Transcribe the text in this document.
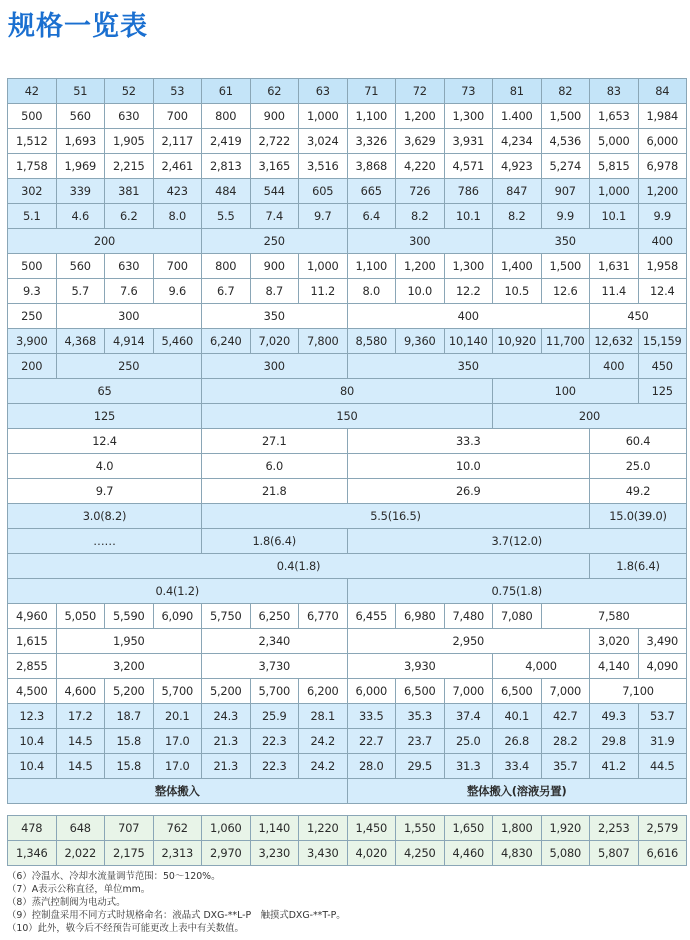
规格一览表
42	51	52	53	61	62	63	71	72	73	81	82	83	84
500	560	630	700	800	900	1,000	1,100	1,200	1,300	1.400	1,500	1,653	1,984
1,512	1,693	1,905	2,117	2,419	2,722	3,024	3,326	3,629	3,931	4,234	4,536	5,000	6,000
1,758	1,969	2,215	2,461	2,813	3,165	3,516	3,868	4,220	4,571	4,923	5,274	5,815	6,978
302	339	381	423	484	544	605	665	726	786	847	907	1,000	1,200
5.1	4.6	6.2	8.0	5.5	7.4	9.7	6.4	8.2	10.1	8.2	9.9	10.1	9.9
200				250			300			350			400
500	560	630	700	800	900	1,000	1,100	1,200	1,300	1,400	1,500	1,631	1,958
9.3	5.7	7.6	9.6	6.7	8.7	11.2	8.0	10.0	12.2	10.5	12.6	11.4	12.4
250	300			350			400					450	
3,900	4,368	4,914	5,460	6,240	7,020	7,800	8,580	9,360	10,140	10,920	11,700	12,632	15,159
200	250			300			350					400	450
65				80						100			125
125				150						200			
12.4				27.1			33.3					60.4	
4.0				6.0			10.0					25.0	
9.7				21.8			26.9					49.2	
3.0(8.2)				5.5(16.5)								15.0(39.0)	
……				1.8(6.4)			3.7(12.0)						
0.4(1.8)												1.8(6.4)	
0.4(1.2)							0.75(1.8)						
4,960	5,050	5,590	6,090	5,750	6,250	6,770	6,455	6,980	7,480	7,080	7,580		
1,615	1,950			2,340			2,950					3,020	3,490
2,855	3,200			3,730			3,930			4,000		4,140	4,090
4,500	4,600	5,200	5,700	5,200	5,700	6,200	6,000	6,500	7,000	6,500	7,000	7,100	
12.3	17.2	18.7	20.1	24.3	25.9	28.1	33.5	35.3	37.4	40.1	42.7	49.3	53.7
10.4	14.5	15.8	17.0	21.3	22.3	24.2	22.7	23.7	25.0	26.8	28.2	29.8	31.9
10.4	14.5	15.8	17.0	21.3	22.3	24.2	28.0	29.5	31.3	33.4	35.7	41.2	44.5
整体搬入							整体搬入(溶液另置)						
478	648	707	762	1,060	1,140	1,220	1,450	1,550	1,650	1,800	1,920	2,253	2,579
1,346	2,022	2,175	2,313	2,970	3,230	3,430	4,020	4,250	4,460	4,830	5,080	5,807	6,616
（6）冷温水、冷却水流量调节范围：50～120%。
（7）A表示公称直径，单位mm。
（8）蒸汽控制阀为电动式。
（9）控制盘采用不同方式时规格命名：液晶式 DXG-**L-P　触摸式DXG-**T-P。
（10）此外，敬今后不经预告可能更改上表中有关数值。
